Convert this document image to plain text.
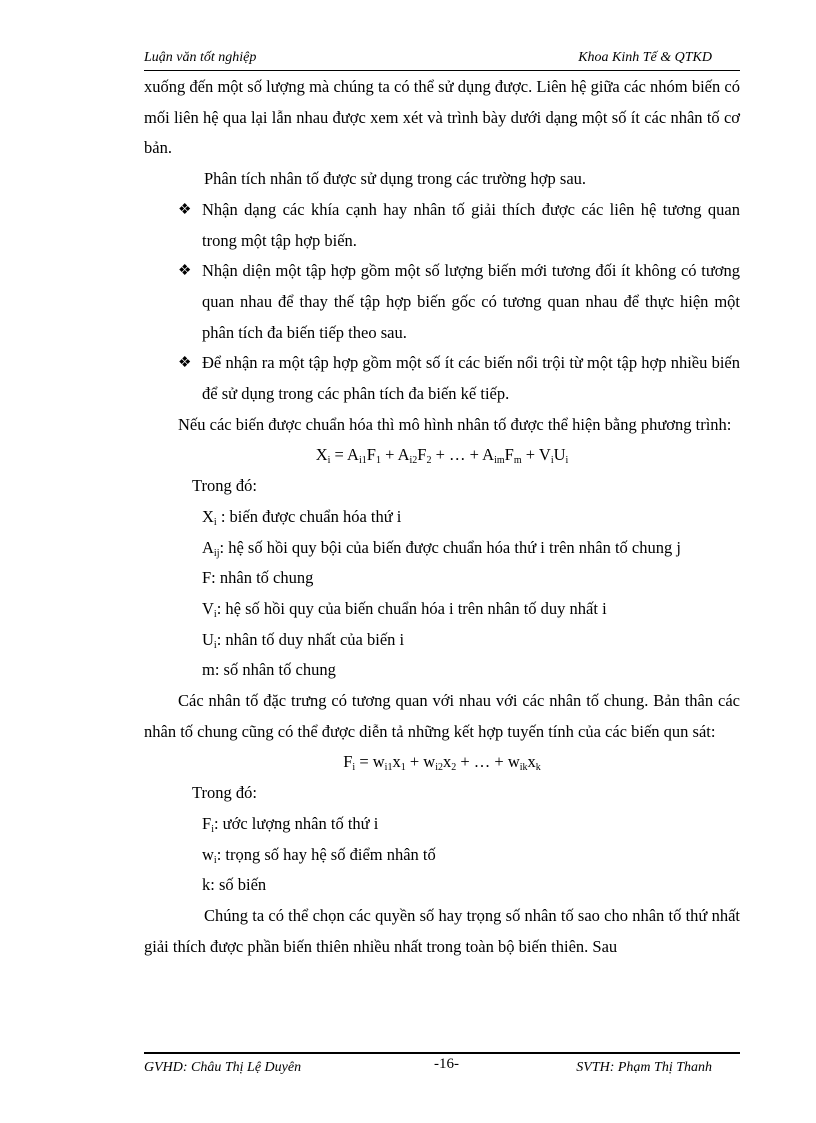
Luận văn tốt nghiệp	Khoa Kinh Tế & QTKD

xuống đến một số lượng mà chúng ta có thể sử dụng được. Liên hệ giữa các nhóm biến có mối liên hệ qua lại lẫn nhau được xem xét và trình bày dưới dạng một số ít các nhân tố cơ bản.

Phân tích nhân tố được sử dụng trong các trường hợp sau.

❖ Nhận dạng các khía cạnh hay nhân tố giải thích được các liên hệ tương quan trong một tập hợp biến.
❖ Nhận diện một tập hợp gồm một số lượng biến mới tương đối ít không có tương quan nhau để thay thế tập hợp biến gốc có tương quan nhau để thực hiện một phân tích đa biến tiếp theo sau.
❖ Để nhận ra một tập hợp gồm một số ít các biến nổi trội từ một tập hợp nhiều biến để sử dụng trong các phân tích đa biến kế tiếp.

Nếu các biến được chuẩn hóa thì mô hình nhân tố được thể hiện bằng phương trình:

$X_i = A_{i1}F_1 + A_{i2}F_2$ + … + $A_{im}F_m + V_iU_i$

Trong đó:

$X_i$ : biến được chuẩn hóa thứ i

$A_{ij}$: hệ số hồi quy bội của biến được chuẩn hóa thứ i trên nhân tố chung j

F: nhân tố chung

$V_i$: hệ số hồi quy của biến chuẩn hóa i trên nhân tố duy nhất i

$U_i$: nhân tố duy nhất của biến i

m: số nhân tố chung

Các nhân tố đặc trưng có tương quan với nhau với các nhân tố chung. Bản thân các nhân tố chung cũng có thể được diễn tả những kết hợp tuyến tính của các biến qun sát:

$F_i = w_{i1}x_1 + w_{i2}x_2$ + … + $w_{ik}x_k$

Trong đó:

$F_i$: ước lượng nhân tố thứ i

$w_i$: trọng số hay hệ số điểm nhân tố

k: số biến

Chúng ta có thể chọn các quyền số hay trọng số nhân tố sao cho nhân tố thứ nhất giải thích được phần biến thiên nhiều nhất trong toàn bộ biến thiên. Sau

GVHD: Châu Thị Lệ Duyên	-16-	SVTH: Phạm Thị Thanh
